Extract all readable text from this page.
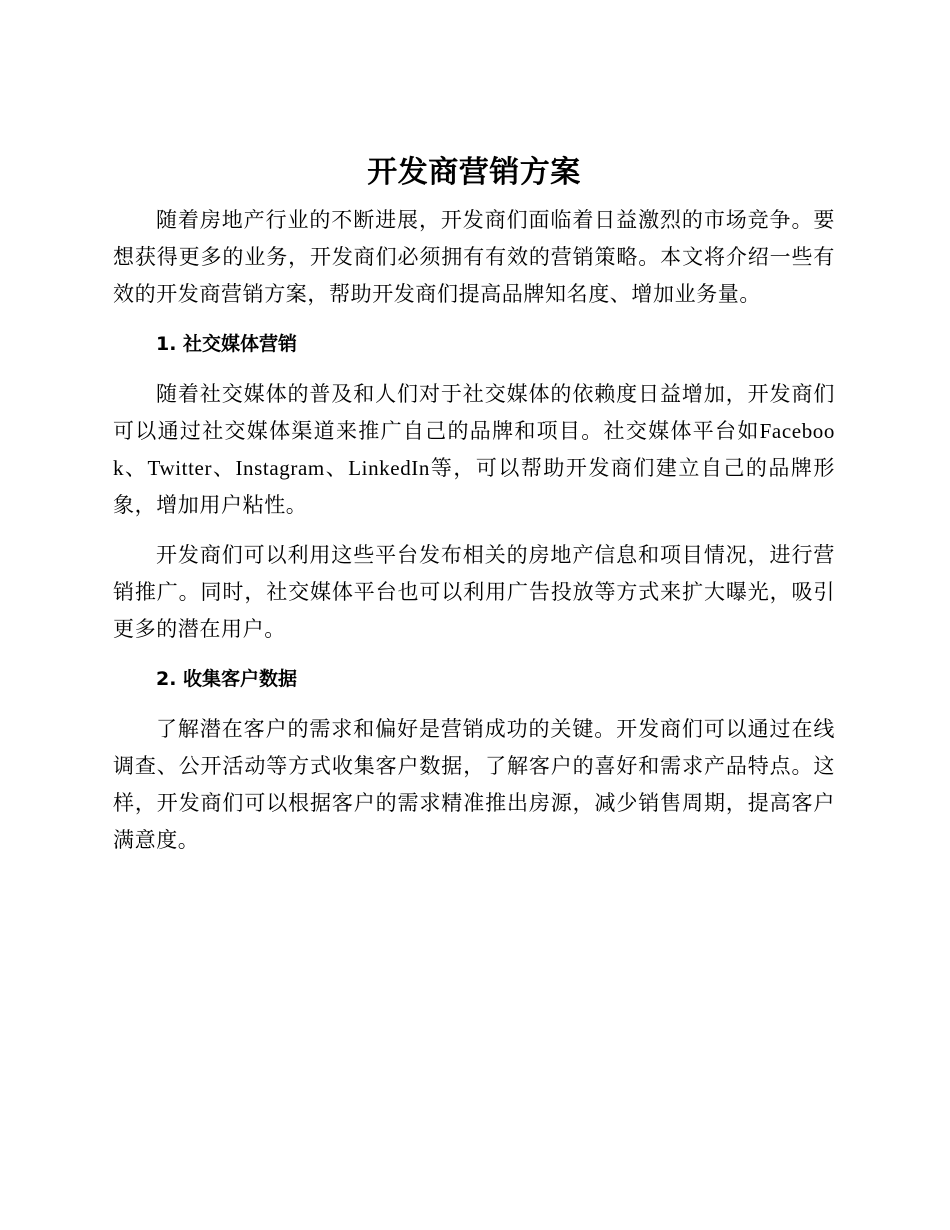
开发商营销方案

随着房地产行业的不断进展，开发商们面临着日益激烈的市场竞争。要想获得更多的业务，开发商们必须拥有有效的营销策略。本文将介绍一些有效的开发商营销方案，帮助开发商们提高品牌知名度、增加业务量。

1. 社交媒体营销

随着社交媒体的普及和人们对于社交媒体的依赖度日益增加，开发商们可以通过社交媒体渠道来推广自己的品牌和项目。社交媒体平台如Facebook、Twitter、Instagram、LinkedIn等，可以帮助开发商们建立自己的品牌形象，增加用户粘性。

开发商们可以利用这些平台发布相关的房地产信息和项目情况，进行营销推广。同时，社交媒体平台也可以利用广告投放等方式来扩大曝光，吸引更多的潜在用户。

2. 收集客户数据

了解潜在客户的需求和偏好是营销成功的关键。开发商们可以通过在线调查、公开活动等方式收集客户数据，了解客户的喜好和需求产品特点。这样，开发商们可以根据客户的需求精准推出房源，减少销售周期，提高客户满意度。
